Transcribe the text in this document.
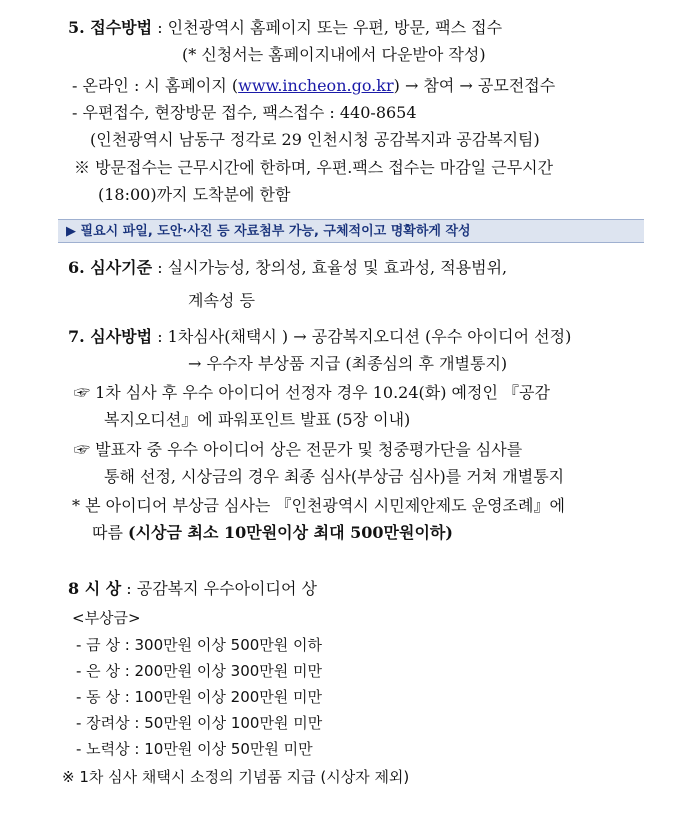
5. 접수방법 : 인천광역시 홈페이지 또는 우편, 방문, 팩스 접수
(* 신청서는 홈페이지내에서 다운받아 작성)
- 온라인 : 시 홈페이지 (www.incheon.go.kr) → 참여 → 공모전접수
- 우편접수, 현장방문 접수, 팩스접수 : 440-8654
(인천광역시 남동구 정각로 29 인천시청 공감복지과 공감복지팀)
※ 방문접수는 근무시간에 한하며, 우편.팩스 접수는 마감일 근무시간
(18:00)까지 도착분에 한함
▶ 필요시 파일, 도안·사진 등 자료첨부 가능, 구체적이고 명확하게 작성
6. 심사기준 : 실시가능성, 창의성, 효율성 및 효과성, 적용범위,
계속성 등
7. 심사방법 : 1차심사(채택시 ) → 공감복지오디션 (우수 아이디어 선정)
→ 우수자 부상품 지급 (최종심의 후 개별통지)
☞ 1차 심사 후 우수 아이디어 선정자 경우 10.24(화) 예정인 『공감
복지오디션』에 파워포인트 발표 (5장 이내)
☞ 발표자 중 우수 아이디어 상은 전문가 및 청중평가단을 심사를
통해 선정, 시상금의 경우 최종 심사(부상금 심사)를 거쳐 개별통지
* 본 아이디어 부상금 심사는 『인천광역시 시민제안제도 운영조례』에
따름 (시상금 최소 10만원이상 최대 500만원이하)
8 시 상 : 공감복지 우수아이디어 상
<부상금>
- 금 상 : 300만원 이상 500만원 이하
- 은 상 : 200만원 이상 300만원 미만
- 동 상 : 100만원 이상 200만원 미만
- 장려상 : 50만원 이상 100만원 미만
- 노력상 : 10만원 이상 50만원 미만
※ 1차 심사 채택시 소정의 기념품 지급 (시상자 제외)
